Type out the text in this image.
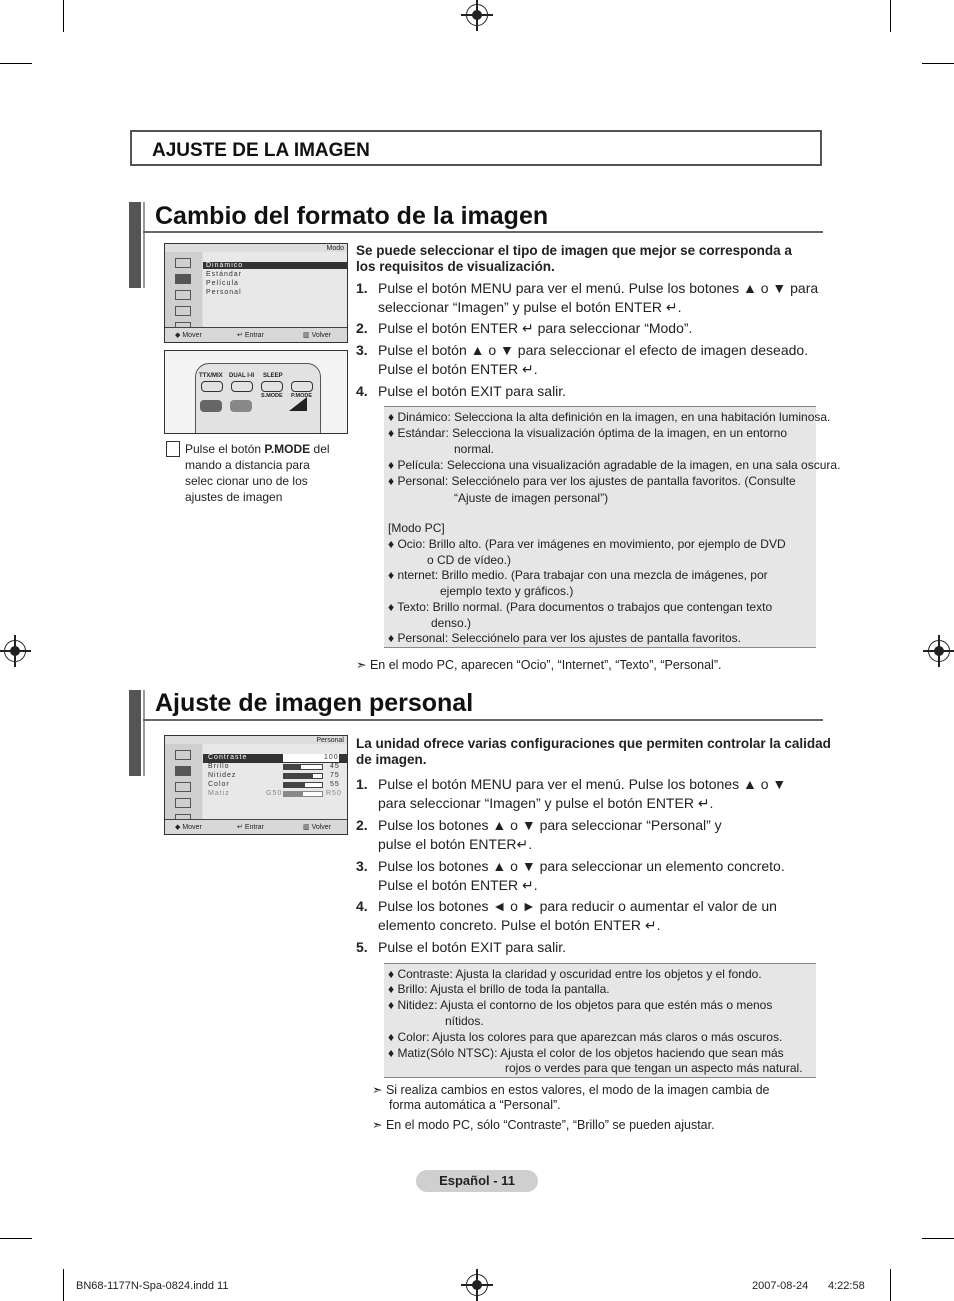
AJUSTE DE LA IMAGEN
Cambio del formato de la imagen
Modo
Dinámico
Estándar
Película
Personal
◆ Mover	↵ Entrar	▥ Volver
TTX/MIX DUAL I-II SLEEP
S.MODE P.MODE
Pulse el botón P.MODE del
mando a distancia para
selec cionar uno de los
ajustes de imagen
Se puede seleccionar el tipo de imagen que mejor se corresponda a
los requisitos de visualización.
1. Pulse el botón MENU para ver el menú. Pulse los botones ▲ o ▼ para
seleccionar “Imagen” y pulse el botón ENTER ↵.
2. Pulse el botón ENTER ↵ para seleccionar “Modo”.
3. Pulse el botón ▲ o ▼ para seleccionar el efecto de imagen deseado.
Pulse el botón ENTER ↵.
4. Pulse el botón EXIT para salir.
♦ Dinámico: Selecciona la alta definición en la imagen, en una habitación luminosa.
♦ Estándar: Selecciona la visualización óptima de la imagen, en un entorno
normal.
♦ Película: Selecciona una visualización agradable de la imagen, en una sala oscura.
♦ Personal: Selecciónelo para ver los ajustes de pantalla favoritos. (Consulte
“Ajuste de imagen personal”)
[Modo PC]
♦ Ocio: Brillo alto. (Para ver imágenes en movimiento, por ejemplo de DVD
o CD de vídeo.)
♦ nternet: Brillo medio. (Para trabajar con una mezcla de imágenes, por
ejemplo texto y gráficos.)
♦ Texto: Brillo normal. (Para documentos o trabajos que contengan texto
denso.)
♦ Personal: Selecciónelo para ver los ajustes de pantalla favoritos.
➣ En el modo PC, aparecen “Ocio”, “Internet”, “Texto”, “Personal”.
Ajuste de imagen personal
Personal
Contraste	100
Brillo	45
Nitidez	75
Color	55
Matiz	G50	R50
◆ Mover	↵ Entrar	▥ Volver
La unidad ofrece varias configuraciones que permiten controlar la calidad
de imagen.
1. Pulse el botón MENU para ver el menú. Pulse los botones ▲ o ▼
para seleccionar “Imagen” y pulse el botón ENTER ↵.
2. Pulse los botones ▲ o ▼ para seleccionar “Personal” y
pulse el botón ENTER↵.
3. Pulse los botones ▲ o ▼ para seleccionar un elemento concreto.
Pulse el botón ENTER ↵.
4. Pulse los botones ◄ o ► para reducir o aumentar el valor de un
elemento concreto. Pulse el botón ENTER ↵.
5. Pulse el botón EXIT para salir.
♦ Contraste: Ajusta la claridad y oscuridad entre los objetos y el fondo.
♦ Brillo: Ajusta el brillo de toda la pantalla.
♦ Nitidez: Ajusta el contorno de los objetos para que estén más o menos
nítidos.
♦ Color: Ajusta los colores para que aparezcan más claros o más oscuros.
♦ Matiz(Sólo NTSC): Ajusta el color de los objetos haciendo que sean más
rojos o verdes para que tengan un aspecto más natural.
➣ Si realiza cambios en estos valores, el modo de la imagen cambia de
forma automática a “Personal”.
➣ En el modo PC, sólo “Contraste”, “Brillo” se pueden ajustar.
Español - 11
BN68-1177N-Spa-0824.indd 11	2007-08-24 4:22:58
